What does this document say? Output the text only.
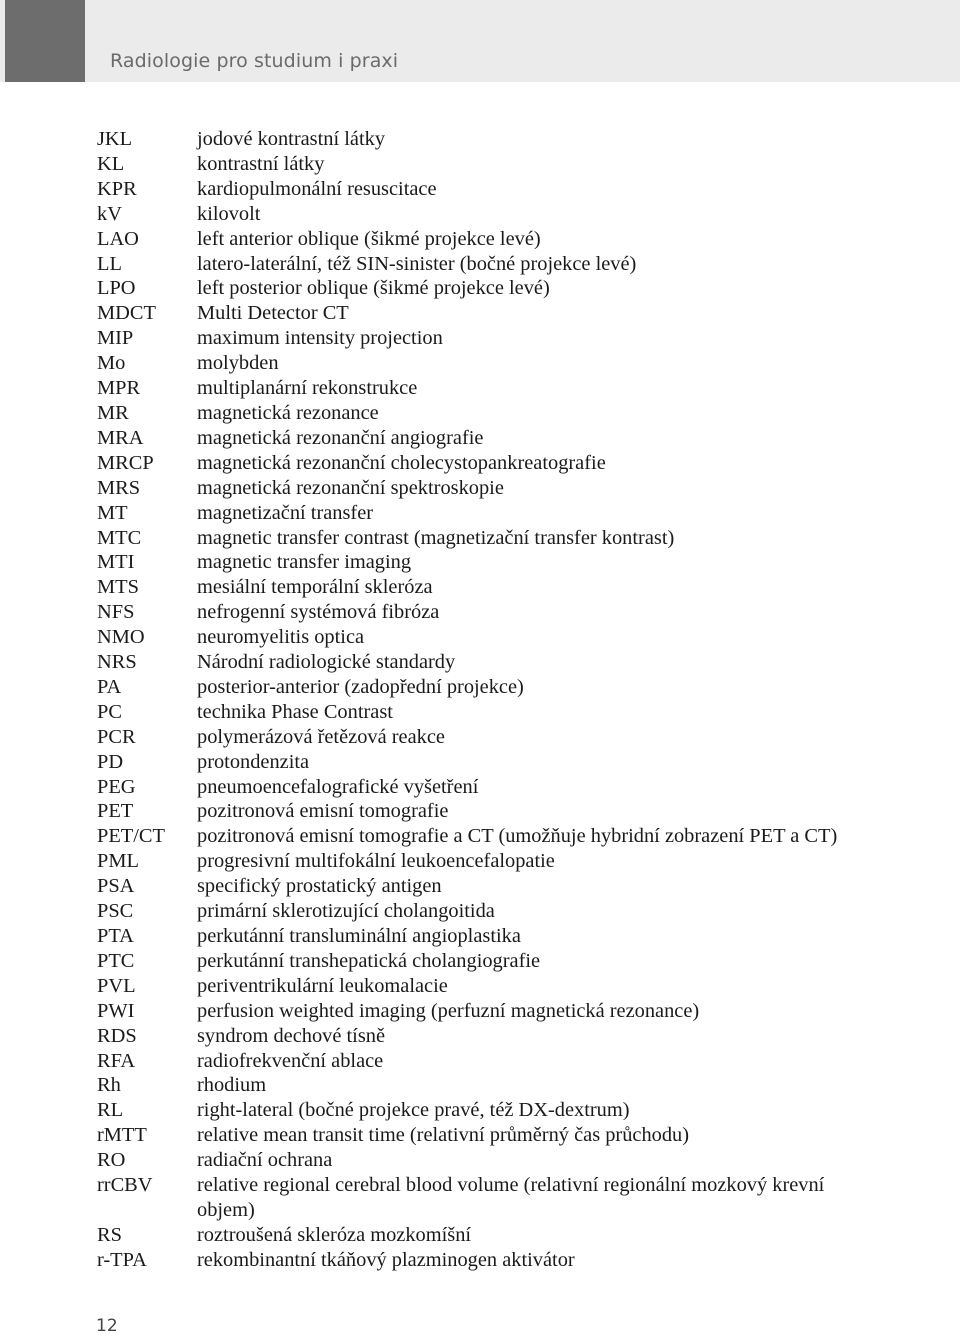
Radiologie pro studium i praxi
JKL	jodové kontrastní látky
KL	kontrastní látky
KPR	kardiopulmonální resuscitace
kV	kilovolt
LAO	left anterior oblique (šikmé projekce levé)
LL	latero-laterální, též SIN-sinister (bočné projekce levé)
LPO	left posterior oblique (šikmé projekce levé)
MDCT	Multi Detector CT
MIP	maximum intensity projection
Mo	molybden
MPR	multiplanární rekonstrukce
MR	magnetická rezonance
MRA	magnetická rezonanční angiografie
MRCP	magnetická rezonanční cholecystopankreatografie
MRS	magnetická rezonanční spektroskopie
MT	magnetizační transfer
MTC	magnetic transfer contrast (magnetizační transfer kontrast)
MTI	magnetic transfer imaging
MTS	mesiální temporální skleróza
NFS	nefrogenní systémová fibróza
NMO	neuromyelitis optica
NRS	Národní radiologické standardy
PA	posterior-anterior (zadopřední projekce)
PC	technika Phase Contrast
PCR	polymerázová řetězová reakce
PD	protondenzita
PEG	pneumoencefalografické vyšetření
PET	pozitronová emisní tomografie
PET/CT	pozitronová emisní tomografie a CT (umožňuje hybridní zobrazení PET a CT)
PML	progresivní multifokální leukoencefalopatie
PSA	specifický prostatický antigen
PSC	primární sklerotizující cholangoitida
PTA	perkutánní transluminální angioplastika
PTC	perkutánní transhepatická cholangiografie
PVL	periventrikulární leukomalacie
PWI	perfusion weighted imaging (perfuzní magnetická rezonance)
RDS	syndrom dechové tísně
RFA	radiofrekvenční ablace
Rh	rhodium
RL	right-lateral (bočné projekce pravé, též DX-dextrum)
rMTT	relative mean transit time (relativní průměrný čas průchodu)
RO	radiační ochrana
rrCBV	relative regional cerebral blood volume (relativní regionální mozkový krevní objem)
RS	roztroušená skleróza mozkomíšní
r-TPA	rekombinantní tkáňový plazminogen aktivátor
12
